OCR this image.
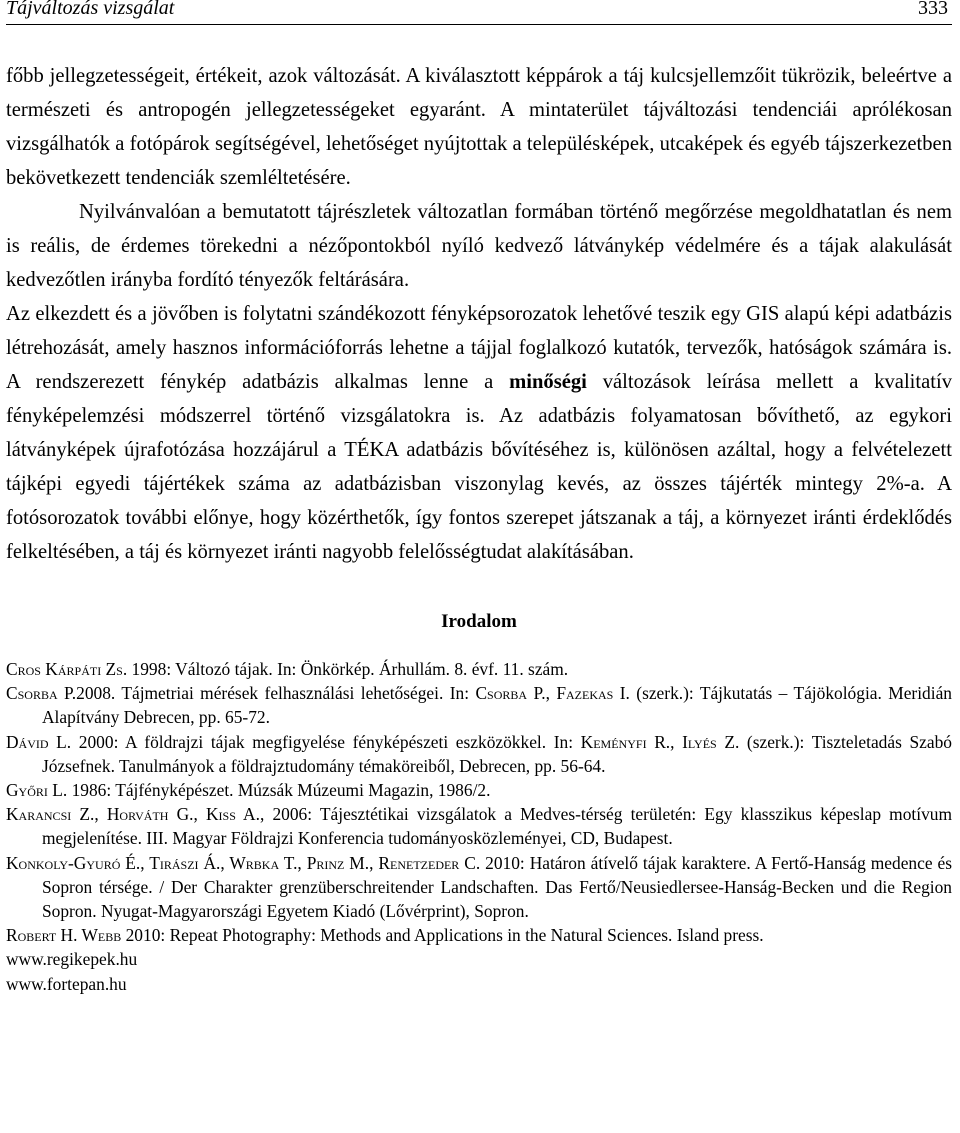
Tájváltozás vizsgálat	333

főbb jellegzetességeit, értékeit, azok változását. A kiválasztott képpárok a táj kulcsjellemzőit tükrözik, beleértve a természeti és antropogén jellegzetességeket egyaránt. A mintaterület tájváltozási tendenciái aprólékosan vizsgálhatók a fotópárok segítségével, lehetőséget nyújtottak a településképek, utcaképek és egyéb tájszerkezetben bekövetkezett tendenciák szemléltetésére.

Nyilvánvalóan a bemutatott tájrészletek változatlan formában történő megőrzése megoldhatatlan és nem is reális, de érdemes törekedni a nézőpontokból nyíló kedvező látványkép védelmére és a tájak alakulását kedvezőtlen irányba fordító tényezők feltárására.

Az elkezdett és a jövőben is folytatni szándékozott fényképsorozatok lehetővé teszik egy GIS alapú képi adatbázis létrehozását, amely hasznos információforrás lehetne a tájjal foglalkozó kutatók, tervezők, hatóságok számára is. A rendszerezett fénykép adatbázis alkalmas lenne a minőségi változások leírása mellett a kvalitatív fényképelemzési módszerrel történő vizsgálatokra is. Az adatbázis folyamatosan bővíthető, az egykori látványképek újrafotózása hozzájárul a TÉKA adatbázis bővítéséhez is, különösen azáltal, hogy a felvételezett tájképi egyedi tájértékek száma az adatbázisban viszonylag kevés, az összes tájérték mintegy 2%-a. A fotósorozatok további előnye, hogy közérthetők, így fontos szerepet játszanak a táj, a környezet iránti érdeklődés felkeltésében, a táj és környezet iránti nagyobb felelősségtudat alakításában.

Irodalom

Cros Kárpáti Zs. 1998: Változó tájak. In: Önkörkép. Árhullám. 8. évf. 11. szám.

Csorba P.2008. Tájmetriai mérések felhasználási lehetőségei. In: Csorba P., Fazekas I. (szerk.): Tájkutatás – Tájökológia. Meridián Alapítvány Debrecen, pp. 65-72.

Dávid L. 2000: A földrajzi tájak megfigyelése fényképészeti eszközökkel. In: Keményfi R., Ilyés Z. (szerk.): Tiszteletadás Szabó Józsefnek. Tanulmányok a földrajztudomány témaköreiből, Debrecen, pp. 56-64.

Győri L. 1986: Tájfényképészet. Múzsák Múzeumi Magazin, 1986/2.

Karancsi Z., Horváth G., Kiss A., 2006: Tájesztétikai vizsgálatok a Medves-térség területén: Egy klasszikus képeslap motívum megjelenítése. III. Magyar Földrajzi Konferencia tudományosközleményei, CD, Budapest.

Konkoly-Gyuró É., Tirászi Á., Wrbka T., Prinz M., Renetzeder C. 2010: Határon átívelő tájak karaktere. A Fertő-Hanság medence és Sopron térsége. / Der Charakter grenzüberschreitender Landschaften. Das Fertő/Neusiedlersee-Hanság-Becken und die Region Sopron. Nyugat-Magyarországi Egyetem Kiadó (Lővérprint), Sopron.

Robert H. Webb 2010: Repeat Photography: Methods and Applications in the Natural Sciences. Island press.

www.regikepek.hu

www.fortepan.hu
